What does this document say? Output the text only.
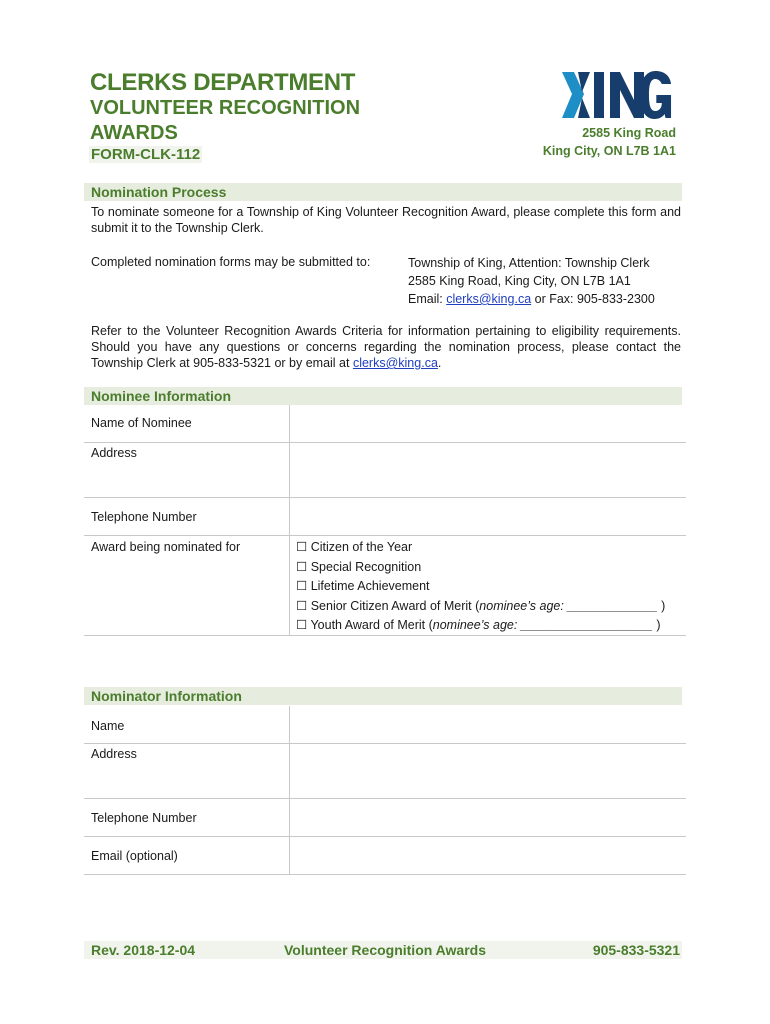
CLERKS DEPARTMENT
VOLUNTEER RECOGNITION
AWARDS
FORM-CLK-112
2585 King Road
King City, ON L7B 1A1
Nomination Process
To nominate someone for a Township of King Volunteer Recognition Award, please complete this form and submit it to the Township Clerk.
Completed nomination forms may be submitted to:	Township of King, Attention: Township Clerk
2585 King Road, King City, ON L7B 1A1
Email: clerks@king.ca or Fax: 905-833-2300
Refer to the Volunteer Recognition Awards Criteria for information pertaining to eligibility requirements. Should you have any questions or concerns regarding the nomination process, please contact the Township Clerk at 905-833-5321 or by email at clerks@king.ca.
Nominee Information
Name of Nominee
Address
Telephone Number
Award being nominated for	☐ Citizen of the Year
☐ Special Recognition
☐ Lifetime Achievement
☐ Senior Citizen Award of Merit (nominee’s age: _____________ )
☐ Youth Award of Merit (nominee’s age: ___________________ )
Nominator Information
Name
Address
Telephone Number
Email (optional)
Rev. 2018-12-04	Volunteer Recognition Awards	905-833-5321
